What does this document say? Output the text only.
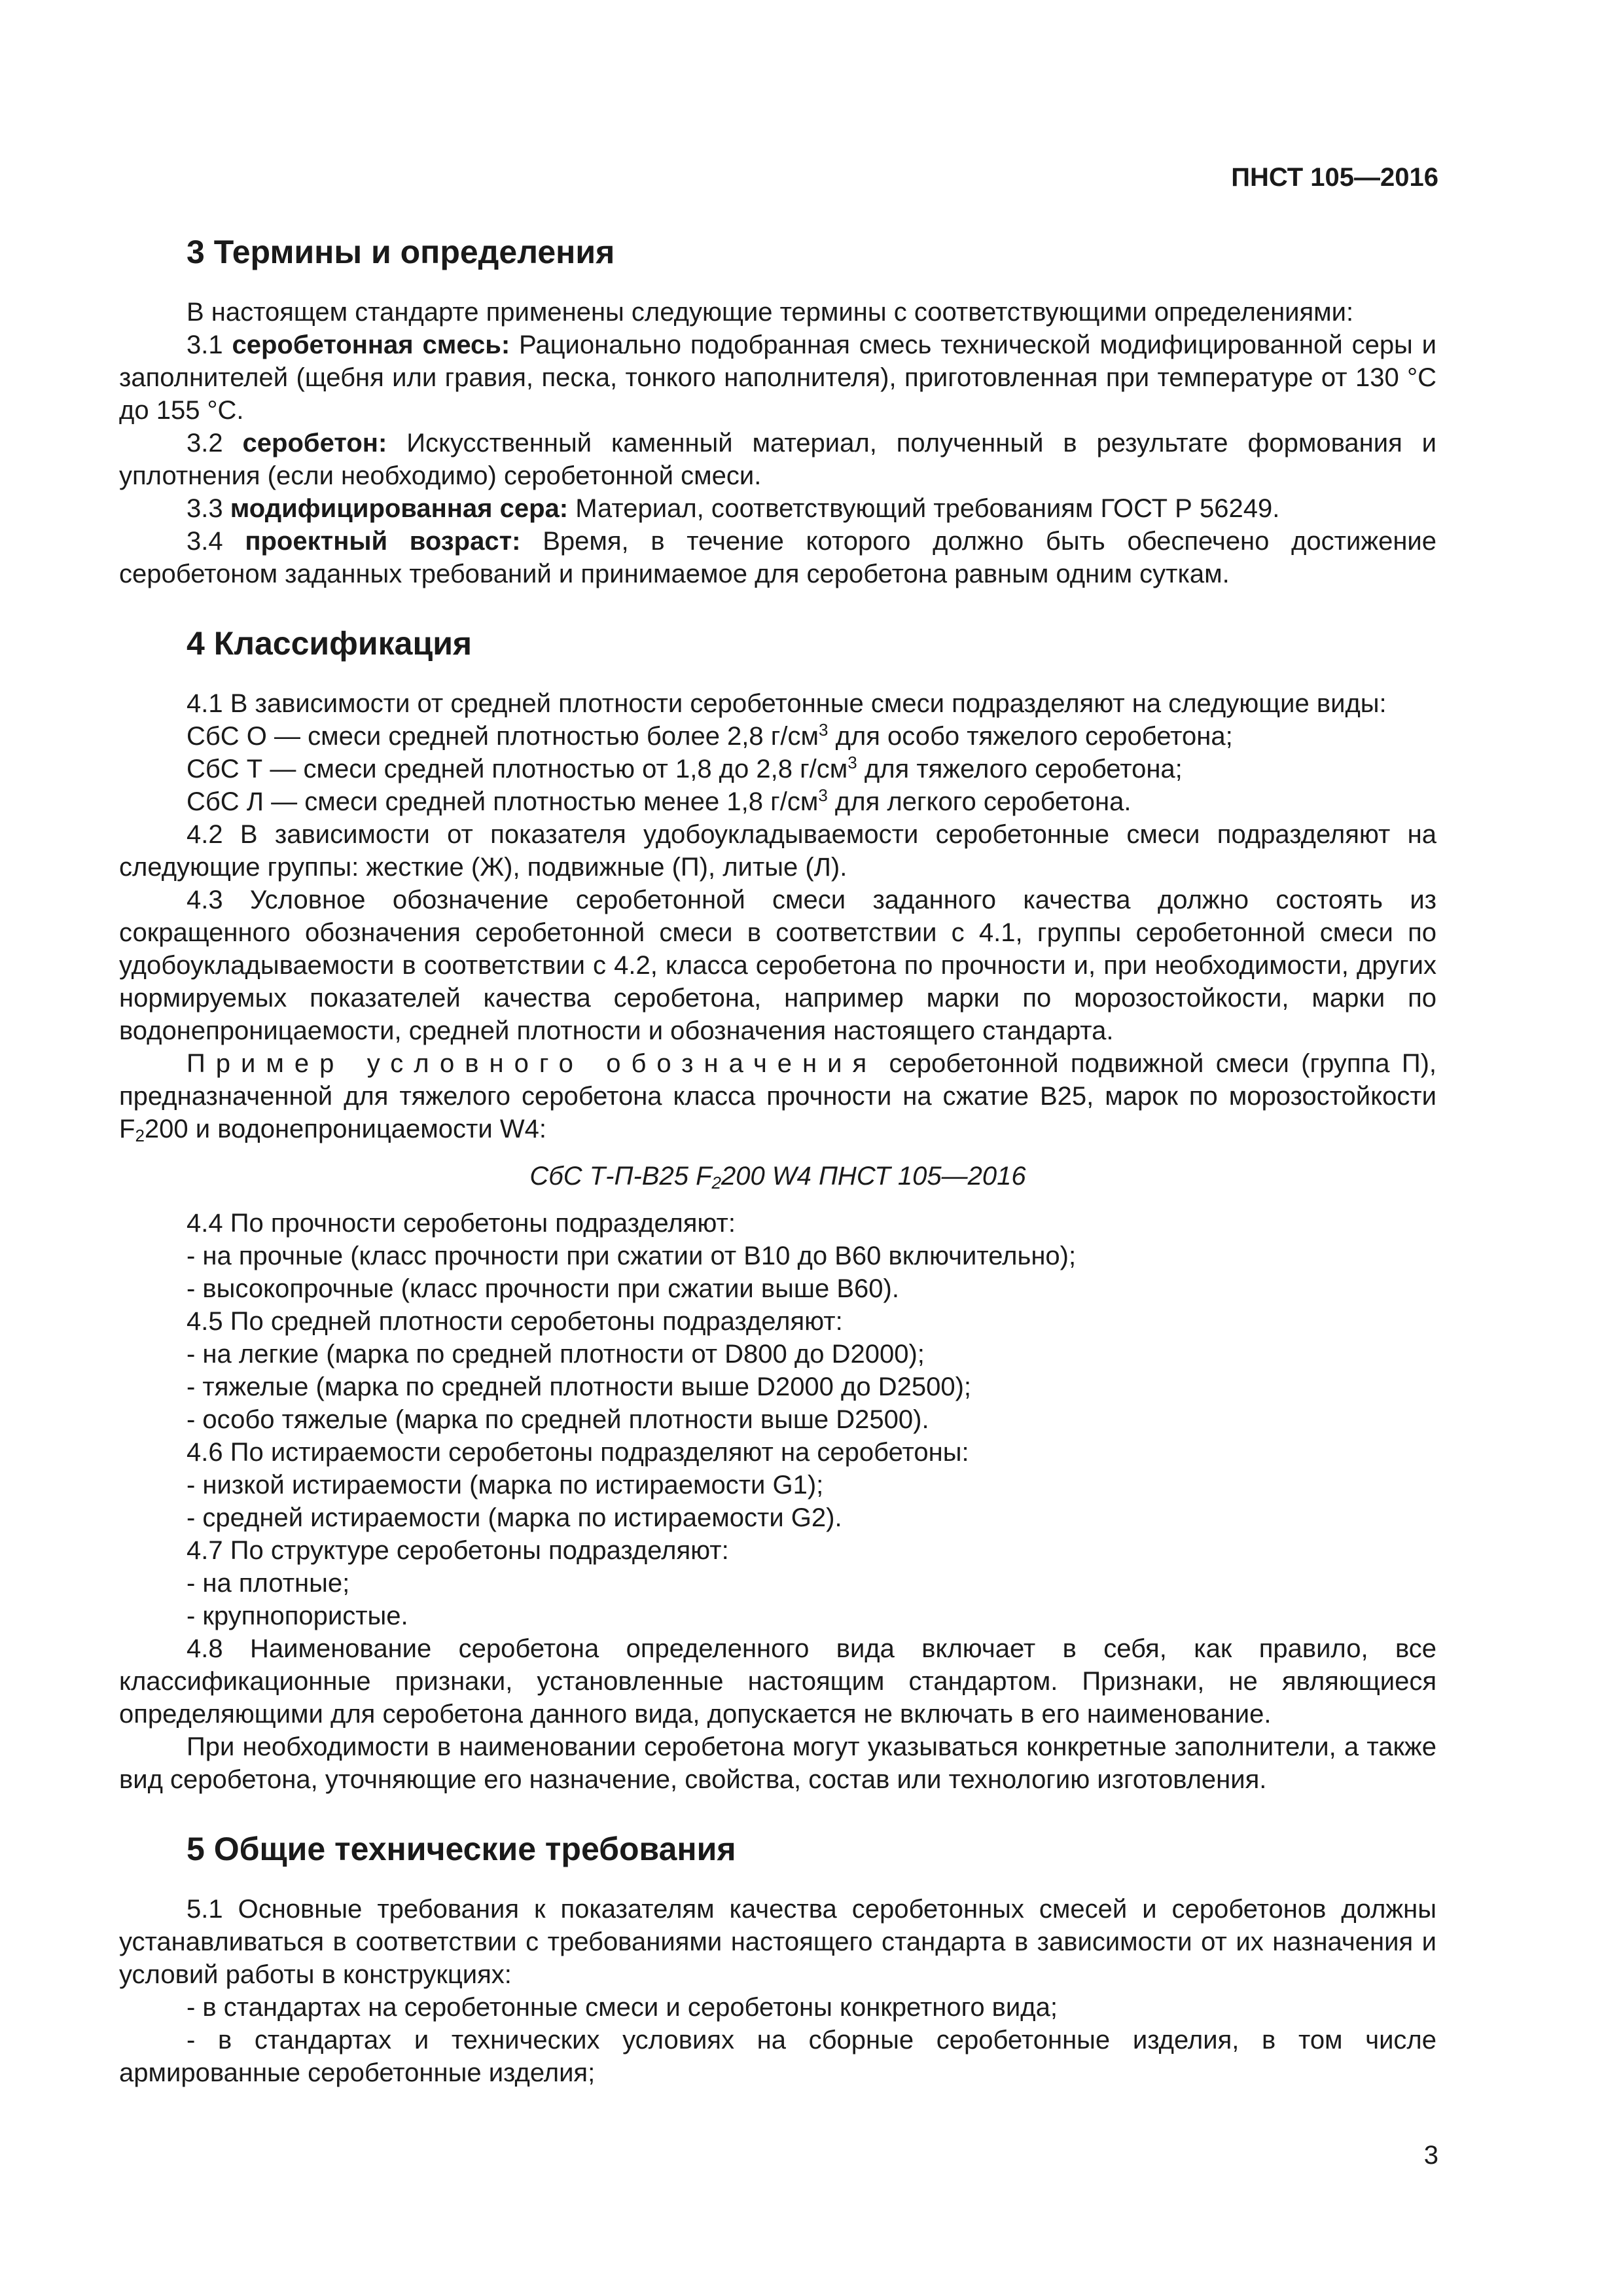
ПНСТ 105—2016
3 Термины и определения

В настоящем стандарте применены следующие термины с соответствующими определениями:

3.1 серобетонная смесь: Рационально подобранная смесь технической модифицированной серы и заполнителей (щебня или гравия, песка, тонкого наполнителя), приготовленная при температуре от 130 °С до 155 °С.

3.2 серобетон: Искусственный каменный материал, полученный в результате формования и уплотнения (если необходимо) серобетонной смеси.

3.3 модифицированная сера: Материал, соответствующий требованиям ГОСТ Р 56249.

3.4 проектный возраст: Время, в течение которого должно быть обеспечено достижение серобетоном заданных требований и принимаемое для серобетона равным одним суткам.

4 Классификация

4.1 В зависимости от средней плотности серобетонные смеси подразделяют на следующие виды:

СбС О — смеси средней плотностью более 2,8 $г/см^3$ для особо тяжелого серобетона;

СбС Т — смеси средней плотностью от 1,8 до 2,8 $г/см^3$ для тяжелого серобетона;

СбС Л — смеси средней плотностью менее 1,8 $г/см^3$ для легкого серобетона.

4.2 В зависимости от показателя удобоукладываемости серобетонные смеси подразделяют на следующие группы: жесткие (Ж), подвижные (П), литые (Л).

4.3 Условное обозначение серобетонной смеси заданного качества должно состоять из сокращенного обозначения серобетонной смеси в соответствии с 4.1, группы серобетонной смеси по удобоукладываемости в соответствии с 4.2, класса серобетона по прочности и, при необходимости, других нормируемых показателей качества серобетона, например марки по морозостойкости, марки по водонепроницаемости, средней плотности и обозначения настоящего стандарта.

Пример условного обозначения серобетонной подвижной смеси (группа П), предназначенной для тяжелого серобетона класса прочности на сжатие В25, марок по морозостойкости $F_2200$ и водонепроницаемости W4:

СбС Т-П-В25 $F_2200$ W4 ПНСТ 105—2016

4.4 По прочности серобетоны подразделяют:

- на прочные (класс прочности при сжатии от В10 до В60 включительно);

- высокопрочные (класс прочности при сжатии выше В60).

4.5 По средней плотности серобетоны подразделяют:

- на легкие (марка по средней плотности от D800 до D2000);

- тяжелые (марка по средней плотности выше D2000 до D2500);

- особо тяжелые (марка по средней плотности выше D2500).

4.6 По истираемости серобетоны подразделяют на серобетоны:

- низкой истираемости (марка по истираемости G1);

- средней истираемости (марка по истираемости G2).

4.7 По структуре серобетоны подразделяют:

- на плотные;

- крупнопористые.

4.8 Наименование серобетона определенного вида включает в себя, как правило, все классификационные признаки, установленные настоящим стандартом. Признаки, не являющиеся определяющими для серобетона данного вида, допускается не включать в его наименование.

При необходимости в наименовании серобетона могут указываться конкретные заполнители, а также вид серобетона, уточняющие его назначение, свойства, состав или технологию изготовления.

5 Общие технические требования

5.1 Основные требования к показателям качества серобетонных смесей и серобетонов должны устанавливаться в соответствии с требованиями настоящего стандарта в зависимости от их назначения и условий работы в конструкциях:

- в стандартах на серобетонные смеси и серобетоны конкретного вида;

- в стандартах и технических условиях на сборные серобетонные изделия, в том числе армированные серобетонные изделия;

3
